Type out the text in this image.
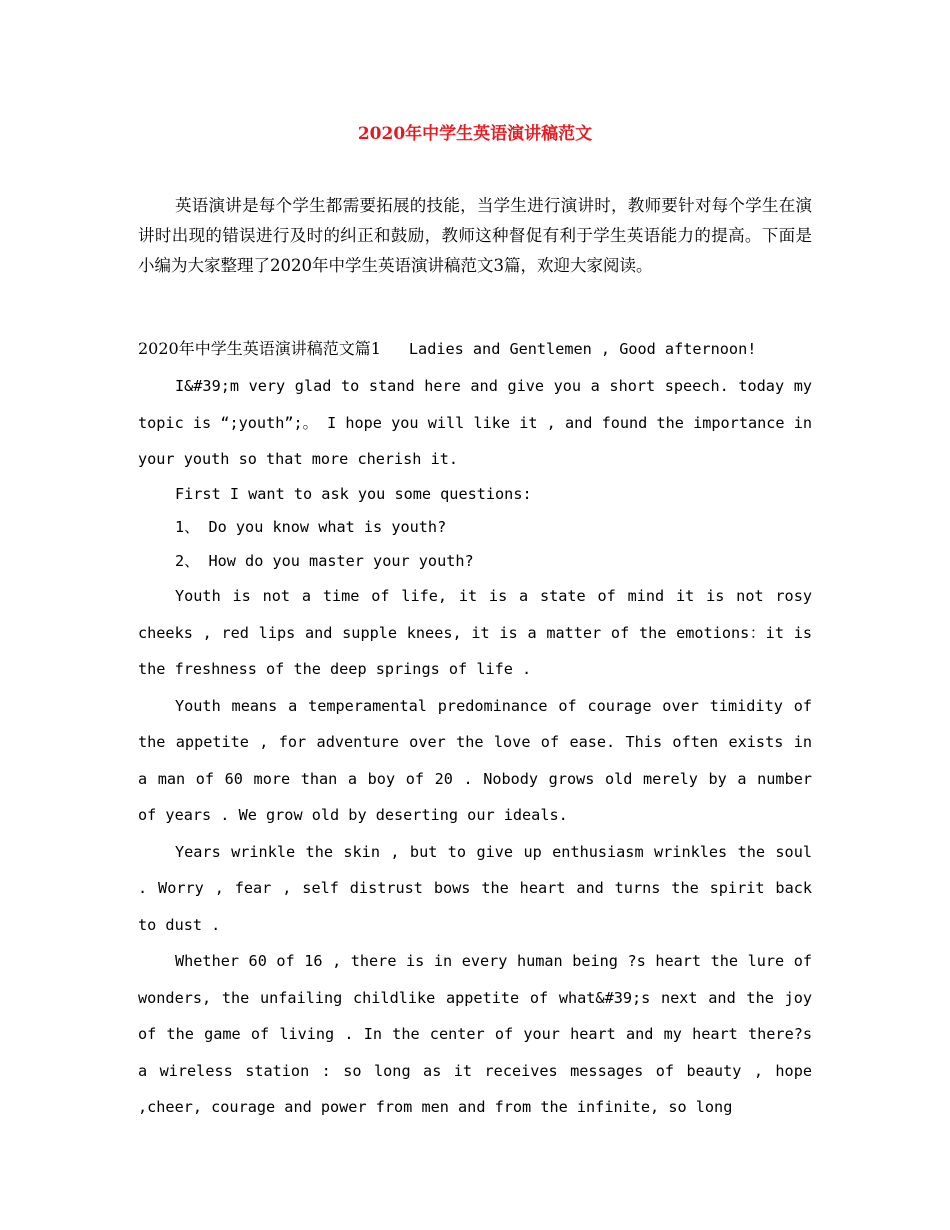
2020年中学生英语演讲稿范文

英语演讲是每个学生都需要拓展的技能，当学生进行演讲时，教师要针对每个学生在演讲时出现的错误进行及时的纠正和鼓励，教师这种督促有利于学生英语能力的提高。下面是小编为大家整理了2020年中学生英语演讲稿范文3篇，欢迎大家阅读。

2020年中学生英语演讲稿范文篇1 Ladies and Gentlemen , Good afternoon!

I&#39;m very glad to stand here and give you a short speech. today my topic is “;youth”;。 I hope you will like it , and found the importance in your youth so that more cherish it.

First I want to ask you some questions:

1、 Do you know what is youth?

2、 How do you master your youth?

Youth is not a time of life, it is a state of mind it is not rosy cheeks , red lips and supple knees, it is a matter of the emotions：it is the freshness of the deep springs of life .

Youth means a temperamental predominance of courage over timidity of the appetite , for adventure over the love of ease. This often exists in a man of 60 more than a boy of 20 . Nobody grows old merely by a number of years . We grow old by deserting our ideals.

Years wrinkle the skin , but to give up enthusiasm wrinkles the soul . Worry , fear , self distrust bows the heart and turns the spirit back to dust .

Whether 60 of 16 , there is in every human being ?s heart the lure of wonders, the unfailing childlike appetite of what&#39;s next and the joy of the game of living . In the center of your heart and my heart there?s a wireless station : so long as it receives messages of beauty , hope ,cheer, courage and power from men and from the infinite, so long
